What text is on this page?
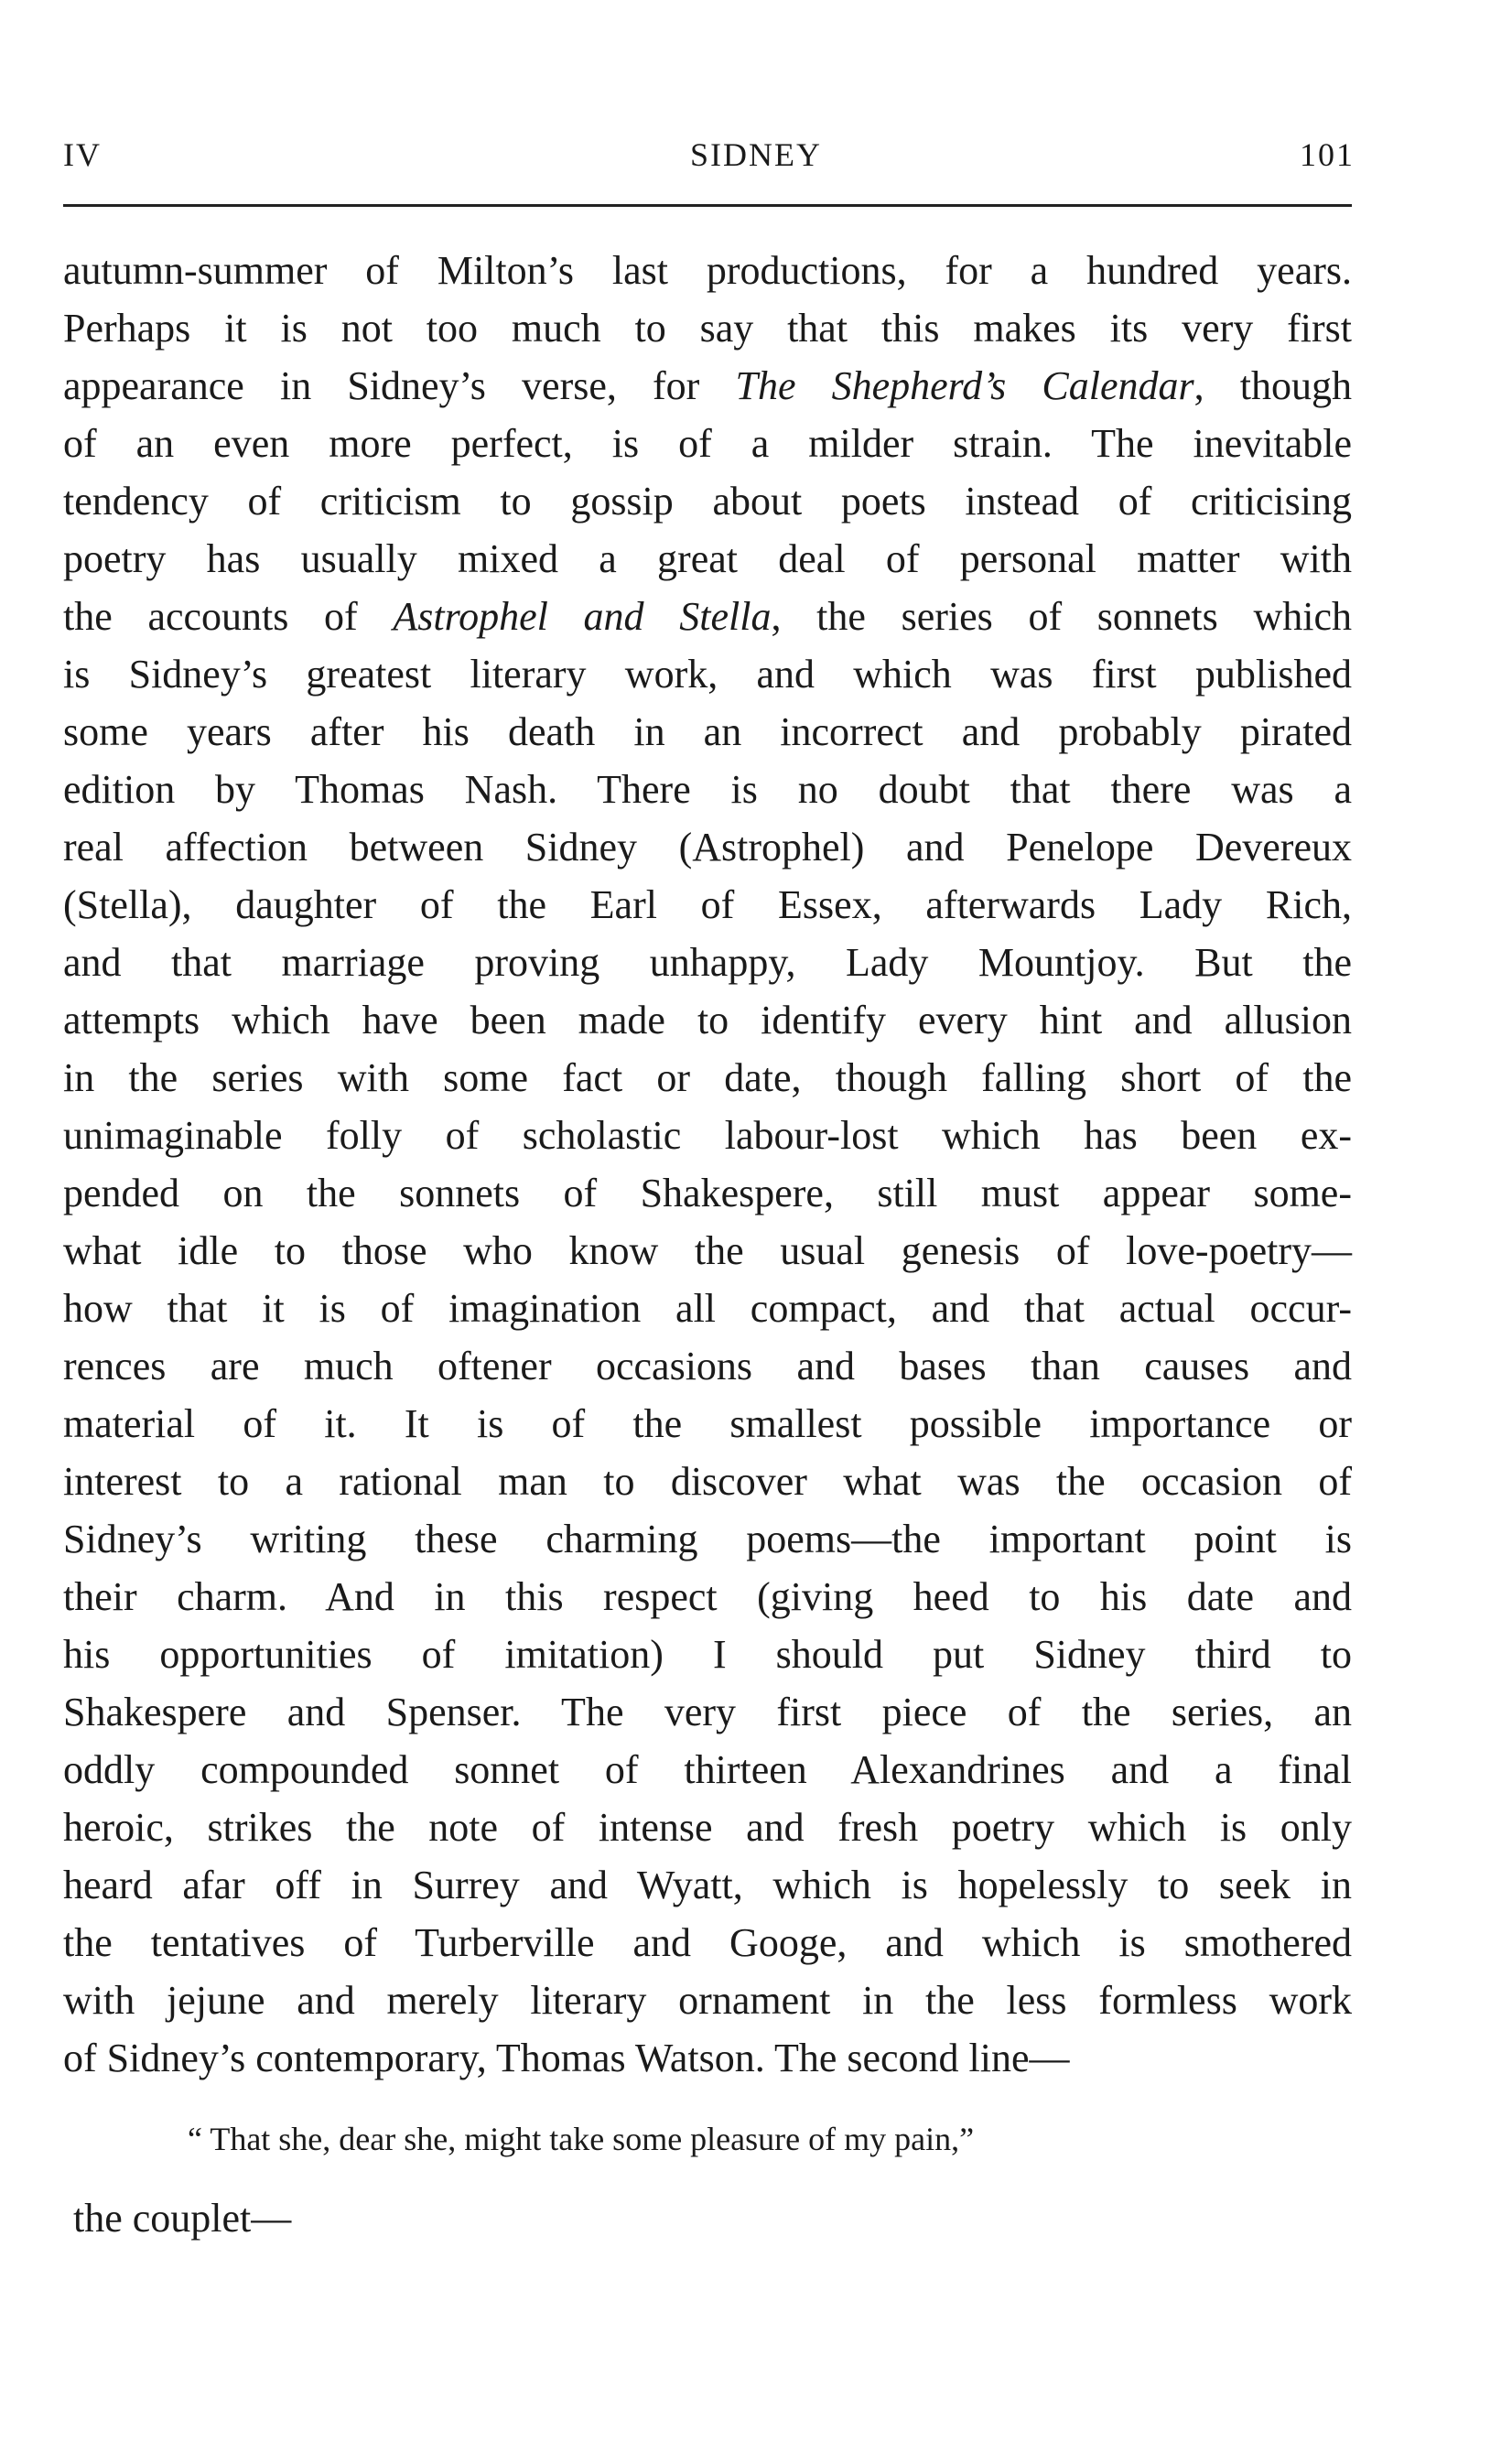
IV	SIDNEY	101
autumn-summer of Milton’s last productions, for a hundred years.
Perhaps it is not too much to say that this makes its very first
appearance in Sidney’s verse, for The Shepherd’s Calendar, though
of an even more perfect, is of a milder strain. The inevitable
tendency of criticism to gossip about poets instead of criticising
poetry has usually mixed a great deal of personal matter with
the accounts of Astrophel and Stella, the series of sonnets which
is Sidney’s greatest literary work, and which was first published
some years after his death in an incorrect and probably pirated
edition by Thomas Nash. There is no doubt that there was a
real affection between Sidney (Astrophel) and Penelope Devereux
(Stella), daughter of the Earl of Essex, afterwards Lady Rich,
and that marriage proving unhappy, Lady Mountjoy. But the
attempts which have been made to identify every hint and allusion
in the series with some fact or date, though falling short of the
unimaginable folly of scholastic labour-lost which has been ex-
pended on the sonnets of Shakespere, still must appear some-
what idle to those who know the usual genesis of love-poetry—
how that it is of imagination all compact, and that actual occur-
rences are much oftener occasions and bases than causes and
material of it. It is of the smallest possible importance or
interest to a rational man to discover what was the occasion of
Sidney’s writing these charming poems—the important point is
their charm. And in this respect (giving heed to his date and
his opportunities of imitation) I should put Sidney third to
Shakespere and Spenser. The very first piece of the series, an
oddly compounded sonnet of thirteen Alexandrines and a final
heroic, strikes the note of intense and fresh poetry which is only
heard afar off in Surrey and Wyatt, which is hopelessly to seek in
the tentatives of Turberville and Googe, and which is smothered
with jejune and merely literary ornament in the less formless work
of Sidney’s contemporary, Thomas Watson. The second line—
“ That she, dear she, might take some pleasure of my pain,”
the couplet—
